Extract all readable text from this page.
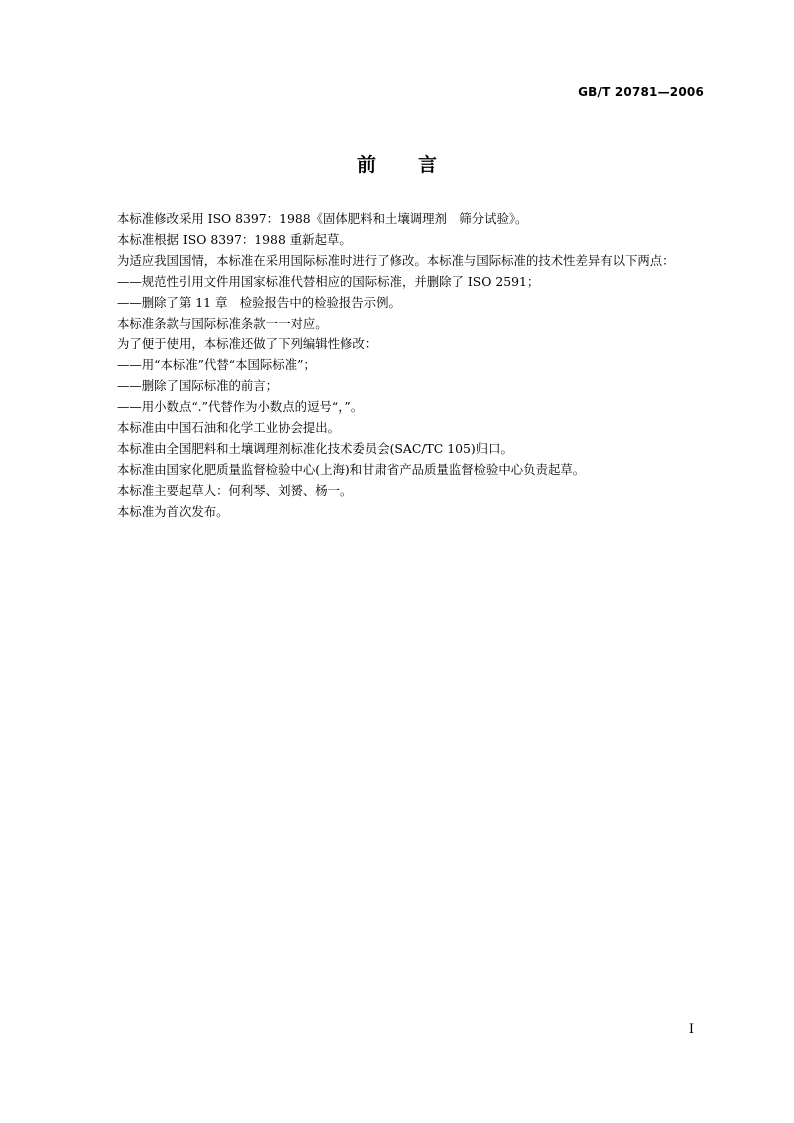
GB/T 20781—2006
前 言

本标准修改采用 ISO 8397：1988《固体肥料和土壤调理剂　筛分试验》。

本标准根据 ISO 8397：1988 重新起草。

为适应我国国情，本标准在采用国际标准时进行了修改。本标准与国际标准的技术性差异有以下两点：

——规范性引用文件用国家标准代替相应的国际标准，并删除了 ISO 2591；

——删除了第 11 章　检验报告中的检验报告示例。

本标准条款与国际标准条款一一对应。

为了便于使用，本标准还做了下列编辑性修改：

——用“本标准”代替“本国际标准”；

——删除了国际标准的前言；

——用小数点“.”代替作为小数点的逗号“，”。

本标准由中国石油和化学工业协会提出。

本标准由全国肥料和土壤调理剂标准化技术委员会(SAC/TC 105)归口。

本标准由国家化肥质量监督检验中心(上海)和甘肃省产品质量监督检验中心负责起草。

本标准主要起草人：何利琴、刘赟、杨一。

本标准为首次发布。

I
